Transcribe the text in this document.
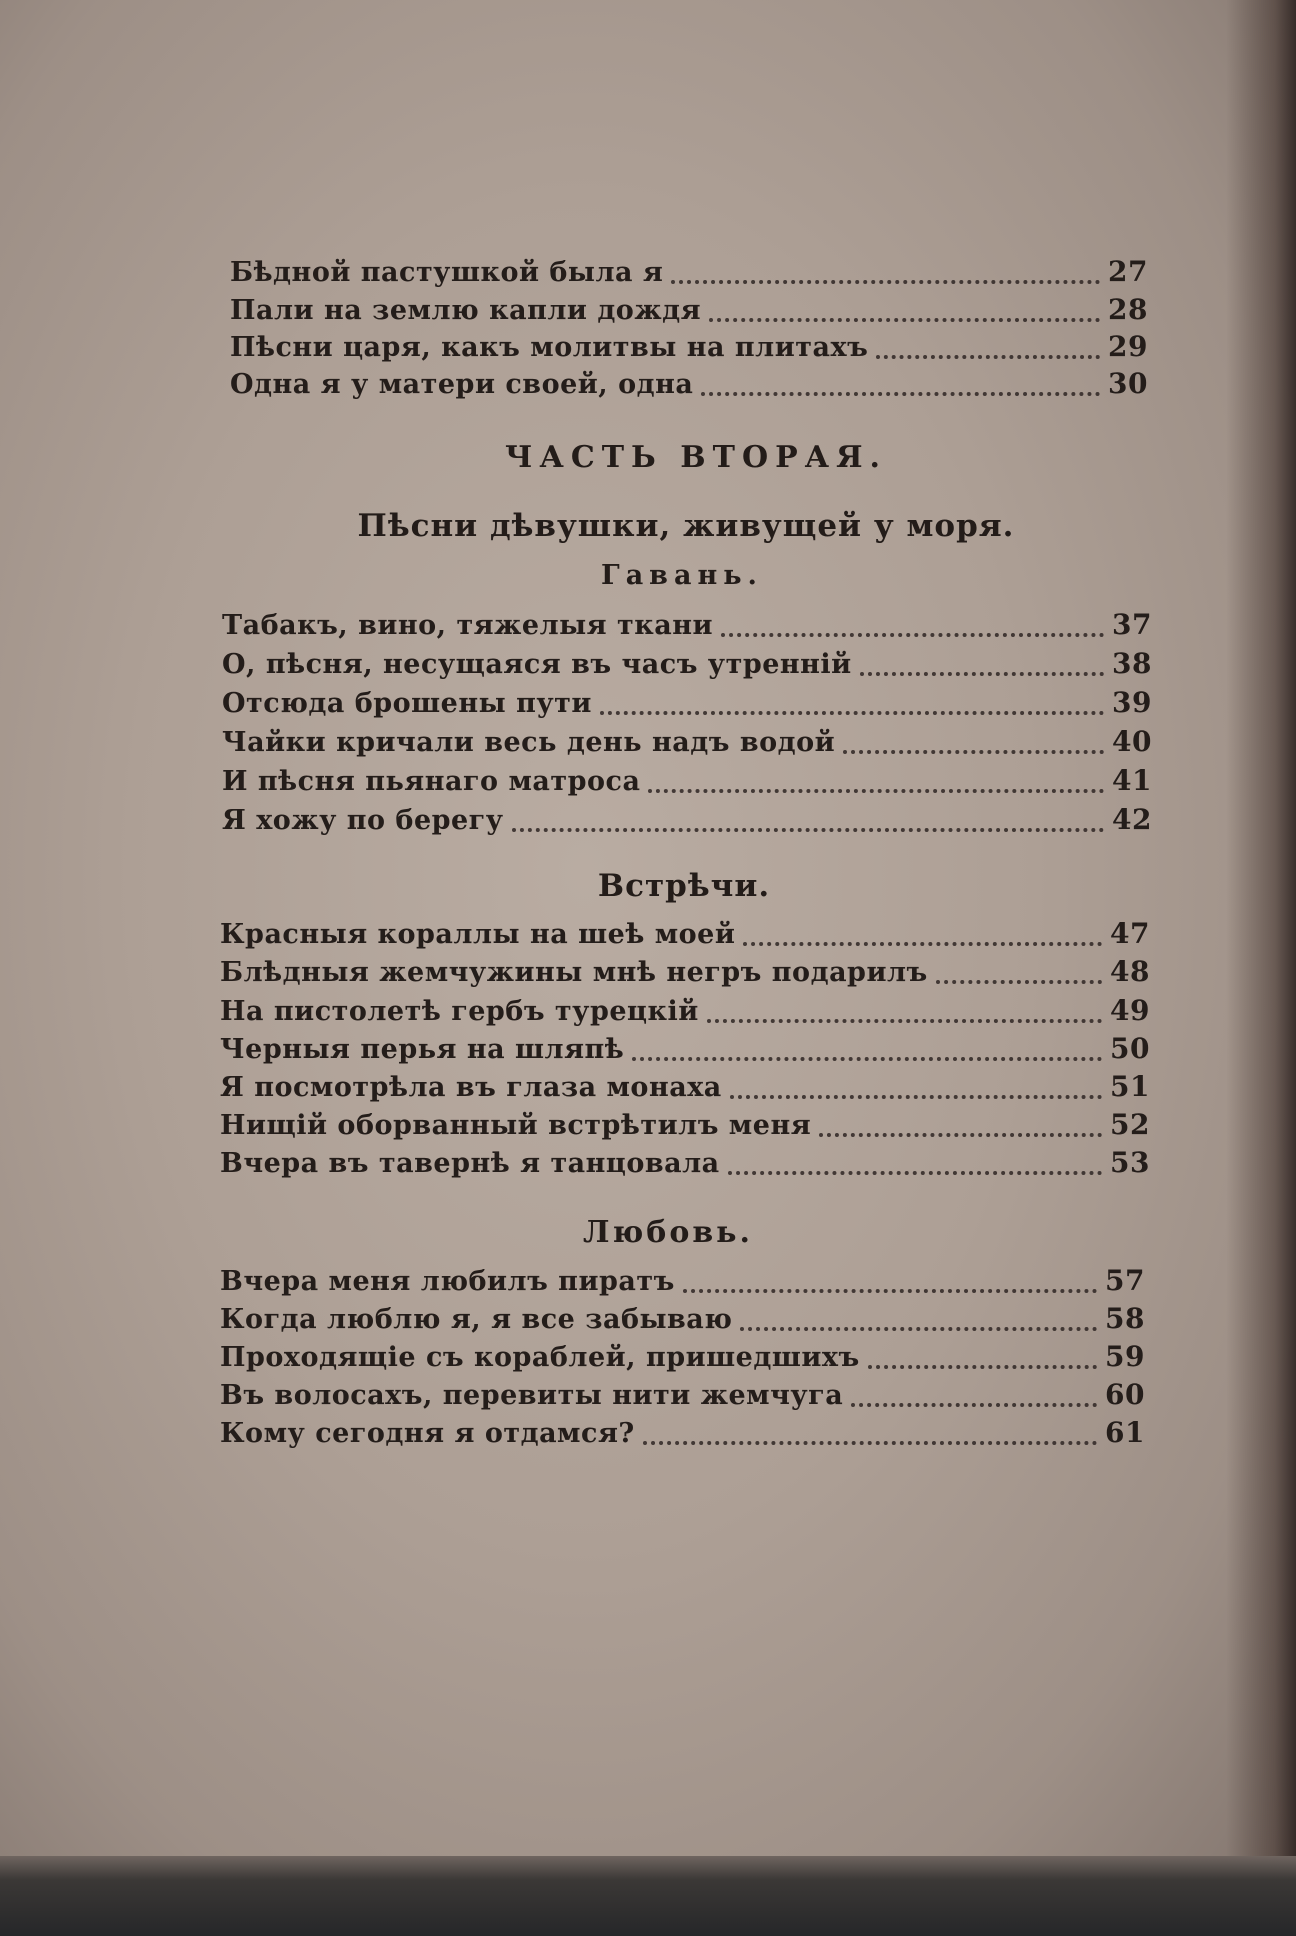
Бѣдной пастушкой была я	27
Пали на землю капли дождя	28
Пѣсни царя, какъ молитвы на плитахъ	29
Одна я у матери своей, одна	30
ЧАСТЬ ВТОРАЯ.
Пѣсни дѣвушки, живущей у моря.
Гавань.
Табакъ, вино, тяжелыя ткани	37
О, пѣсня, несущаяся въ часъ утренній	38
Отсюда брошены пути	39
Чайки кричали весь день надъ водой	40
И пѣсня пьянаго матроса	41
Я хожу по берегу	42
Встрѣчи.
Красныя кораллы на шеѣ моей	47
Блѣдныя жемчужины мнѣ негръ подарилъ	48
На пистолетѣ гербъ турецкій	49
Черныя перья на шляпѣ	50
Я посмотрѣла въ глаза монаха	51
Нищій оборванный встрѣтилъ меня	52
Вчера въ тавернѣ я танцовала	53
Любовь.
Вчера меня любилъ пиратъ	57
Когда люблю я, я все забываю	58
Проходящіе съ кораблей, пришедшихъ	59
Въ волосахъ, перевиты нити жемчуга	60
Кому сегодня я отдамся?	61
